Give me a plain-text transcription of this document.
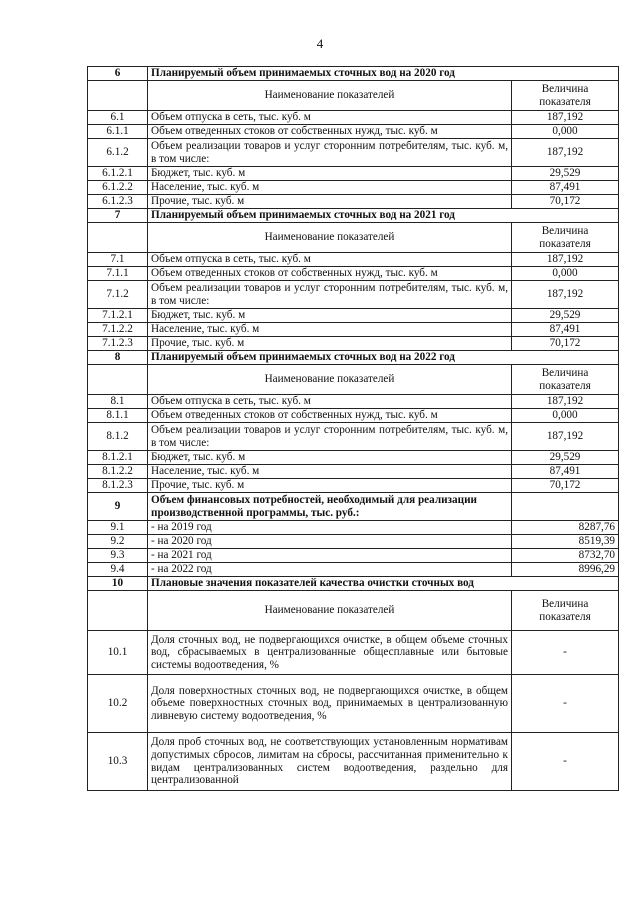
4
6	Планируемый объем принимаемых сточных вод на 2020 год	
	Наименование показателей	Величина показателя
6.1	Объем отпуска в сеть, тыс. куб. м	187,192
6.1.1	Объем отведенных стоков от собственных нужд, тыс. куб. м	0,000
6.1.2	Объем реализации товаров и услуг сторонним потребителям, тыс. куб. м, в том числе:	187,192
6.1.2.1	Бюджет, тыс. куб. м	29,529
6.1.2.2	Население, тыс. куб. м	87,491
6.1.2.3	Прочие, тыс. куб. м	70,172
7	Планируемый объем принимаемых сточных вод на 2021 год	
	Наименование показателей	Величина показателя
7.1	Объем отпуска в сеть, тыс. куб. м	187,192
7.1.1	Объем отведенных стоков от собственных нужд, тыс. куб. м	0,000
7.1.2	Объем реализации товаров и услуг сторонним потребителям, тыс. куб. м, в том числе:	187,192
7.1.2.1	Бюджет, тыс. куб. м	29,529
7.1.2.2	Население, тыс. куб. м	87,491
7.1.2.3	Прочие, тыс. куб. м	70,172
8	Планируемый объем принимаемых сточных вод на 2022 год	
	Наименование показателей	Величина показателя
8.1	Объем отпуска в сеть, тыс. куб. м	187,192
8.1.1	Объем отведенных стоков от собственных нужд, тыс. куб. м	0,000
8.1.2	Объем реализации товаров и услуг сторонним потребителям, тыс. куб. м, в том числе:	187,192
8.1.2.1	Бюджет, тыс. куб. м	29,529
8.1.2.2	Население, тыс. куб. м	87,491
8.1.2.3	Прочие, тыс. куб. м	70,172
9	Объем финансовых потребностей, необходимый для реализации производственной программы, тыс. руб.:	
9.1	- на 2019 год	8287,76
9.2	- на 2020 год	8519,39
9.3	- на 2021 год	8732,70
9.4	- на 2022 год	8996,29
10	Плановые значения показателей качества очистки сточных вод	
	Наименование показателей	Величина показателя
10.1	Доля сточных вод, не подвергающихся очистке, в общем объеме сточных вод, сбрасываемых в централизованные общесплавные или бытовые системы водоотведения, %	-
10.2	Доля поверхностных сточных вод, не подвергающихся очистке, в общем объеме поверхностных сточных вод, принимаемых в централизованную ливневую систему водоотведения, %	-
10.3	Доля проб сточных вод, не соответствующих установленным нормативам допустимых сбросов, лимитам на сбросы, рассчитанная применительно к видам централизованных систем водоотведения, раздельно для централизованной	-
